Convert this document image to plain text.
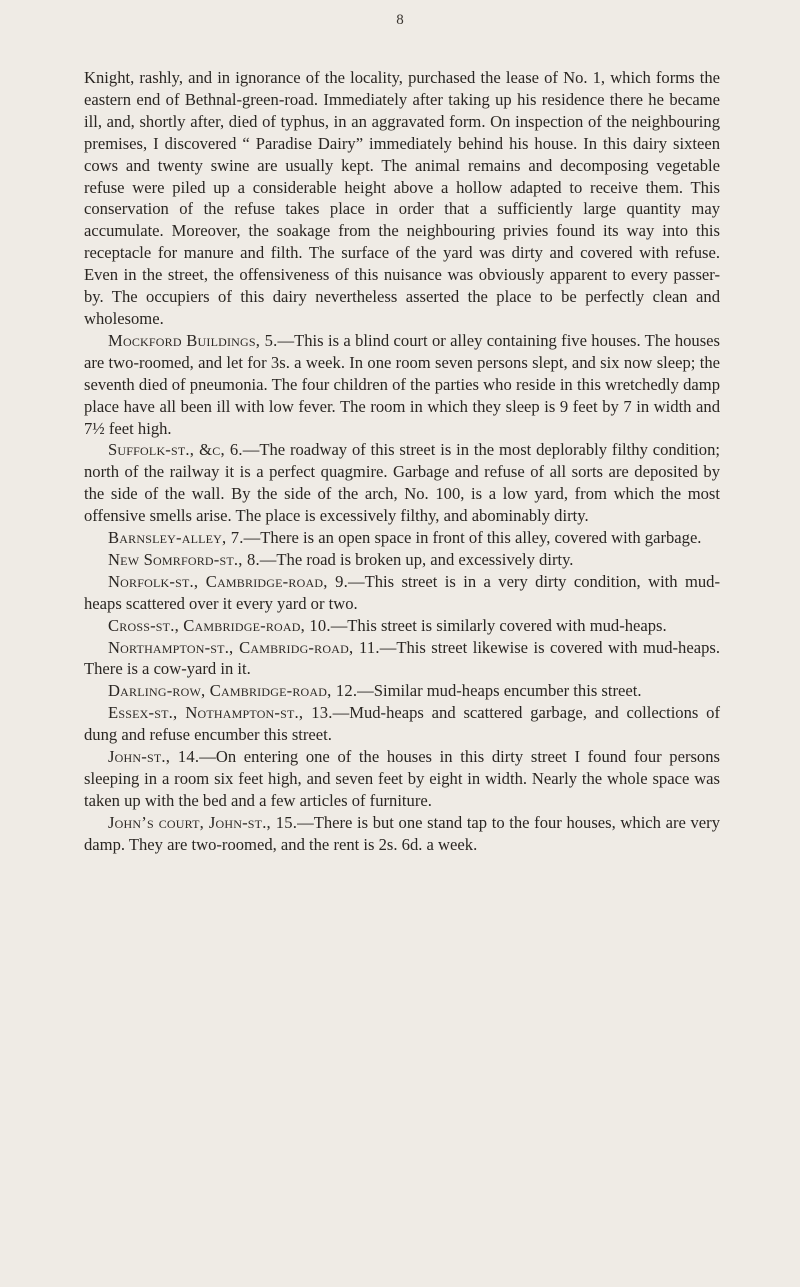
8

Knight, rashly, and in ignorance of the locality, purchased the lease of No. 1, which forms the eastern end of Bethnal-green-road. Immediately after taking up his residence there he became ill, and, shortly after, died of typhus, in an aggravated form. On inspection of the neighbouring premises, I discovered “ Paradise Dairy” immediately behind his house. In this dairy sixteen cows and twenty swine are usually kept. The animal remains and decomposing vegetable refuse were piled up a considerable height above a hollow adapted to receive them. This conservation of the refuse takes place in order that a sufficiently large quantity may accumulate. Moreover, the soakage from the neighbouring privies found its way into this receptacle for manure and filth. The surface of the yard was dirty and covered with refuse. Even in the street, the offensiveness of this nuisance was obviously apparent to every passer-by. The occupiers of this dairy nevertheless asserted the place to be perfectly clean and wholesome.

Mockford Buildings, 5.—This is a blind court or alley containing five houses. The houses are two-roomed, and let for 3s. a week. In one room seven persons slept, and six now sleep; the seventh died of pneumonia. The four children of the parties who reside in this wretchedly damp place have all been ill with low fever. The room in which they sleep is 9 feet by 7 in width and 7½ feet high.

Suffolk-st., &c, 6.—The roadway of this street is in the most deplorably filthy condition; north of the railway it is a perfect quagmire. Garbage and refuse of all sorts are deposited by the side of the wall. By the side of the arch, No. 100, is a low yard, from which the most offensive smells arise. The place is excessively filthy, and abominably dirty.

Barnsley-alley, 7.—There is an open space in front of this alley, covered with garbage.

New Somrford-st., 8.—The road is broken up, and excessively dirty.

Norfolk-st., Cambridge-road, 9.—This street is in a very dirty condition, with mud-heaps scattered over it every yard or two.

Cross-st., Cambridge-road, 10.—This street is similarly covered with mud-heaps.

Northampton-st., Cambridg-road, 11.—This street likewise is covered with mud-heaps. There is a cow-yard in it.

Darling-row, Cambridge-road, 12.—Similar mud-heaps encumber this street.

Essex-st., Nothampton-st., 13.—Mud-heaps and scattered garbage, and collections of dung and refuse encumber this street.

John-st., 14.—On entering one of the houses in this dirty street I found four persons sleeping in a room six feet high, and seven feet by eight in width. Nearly the whole space was taken up with the bed and a few articles of furniture.

John’s court, John-st., 15.—There is but one stand tap to the four houses, which are very damp. They are two-roomed, and the rent is 2s. 6d. a week.
